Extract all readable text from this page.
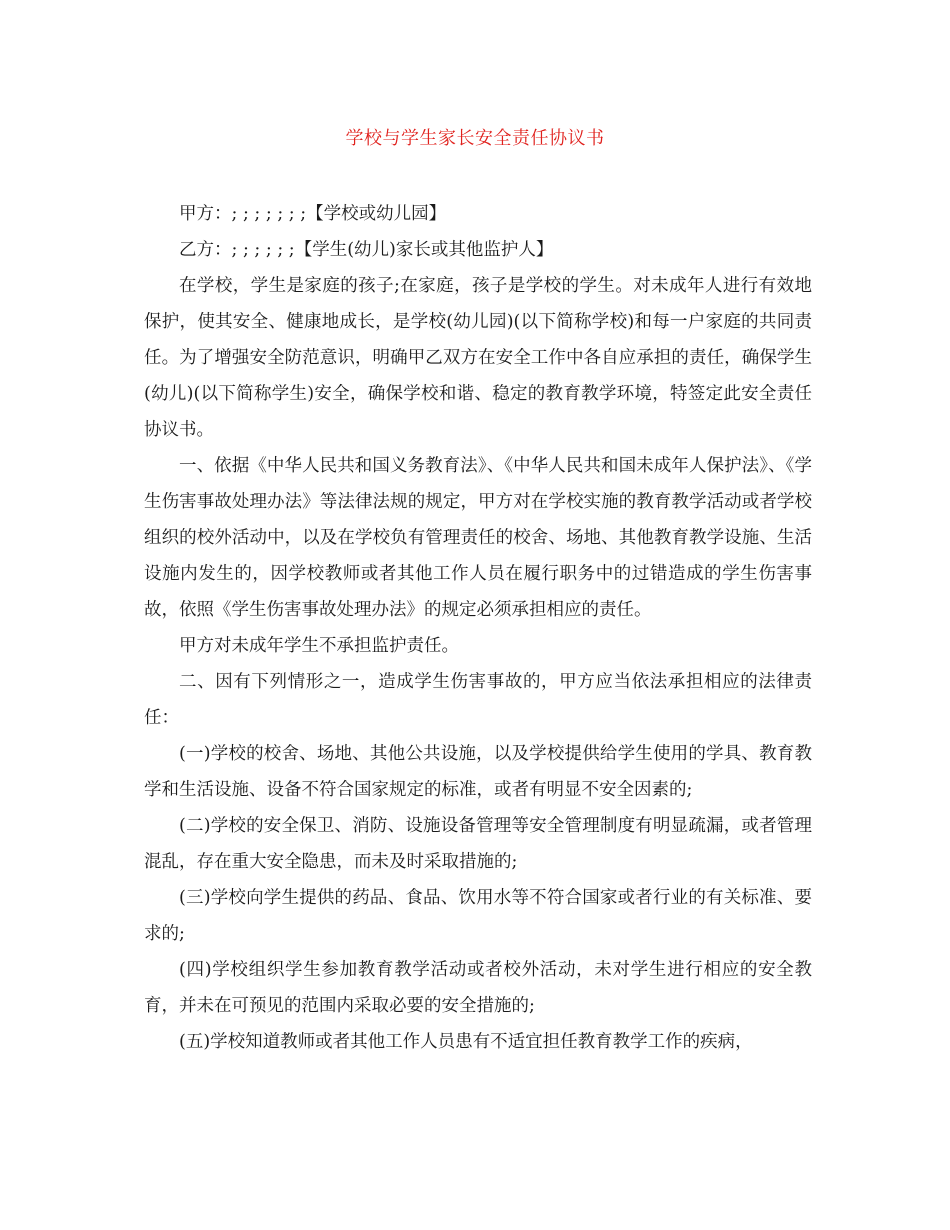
学校与学生家长安全责任协议书

甲方：; ; ; ; ; ; ;【学校或幼儿园】

乙方：; ; ; ; ; ;【学生(幼儿)家长或其他监护人】

在学校，学生是家庭的孩子;在家庭，孩子是学校的学生。对未成年人进行有效地保护，使其安全、健康地成长，是学校(幼儿园)(以下简称学校)和每一户家庭的共同责任。为了增强安全防范意识，明确甲乙双方在安全工作中各自应承担的责任，确保学生(幼儿)(以下简称学生)安全，确保学校和谐、稳定的教育教学环境，特签定此安全责任协议书。

一、依据《中华人民共和国义务教育法》、《中华人民共和国未成年人保护法》、《学生伤害事故处理办法》等法律法规的规定，甲方对在学校实施的教育教学活动或者学校组织的校外活动中，以及在学校负有管理责任的校舍、场地、其他教育教学设施、生活设施内发生的，因学校教师或者其他工作人员在履行职务中的过错造成的学生伤害事故，依照《学生伤害事故处理办法》的规定必须承担相应的责任。

甲方对未成年学生不承担监护责任。

二、因有下列情形之一，造成学生伤害事故的，甲方应当依法承担相应的法律责任：

(一)学校的校舍、场地、其他公共设施，以及学校提供给学生使用的学具、教育教学和生活设施、设备不符合国家规定的标准，或者有明显不安全因素的;

(二)学校的安全保卫、消防、设施设备管理等安全管理制度有明显疏漏，或者管理混乱，存在重大安全隐患，而未及时采取措施的;

(三)学校向学生提供的药品、食品、饮用水等不符合国家或者行业的有关标准、要求的;

(四)学校组织学生参加教育教学活动或者校外活动，未对学生进行相应的安全教育，并未在可预见的范围内采取必要的安全措施的;

(五)学校知道教师或者其他工作人员患有不适宜担任教育教学工作的疾病，
